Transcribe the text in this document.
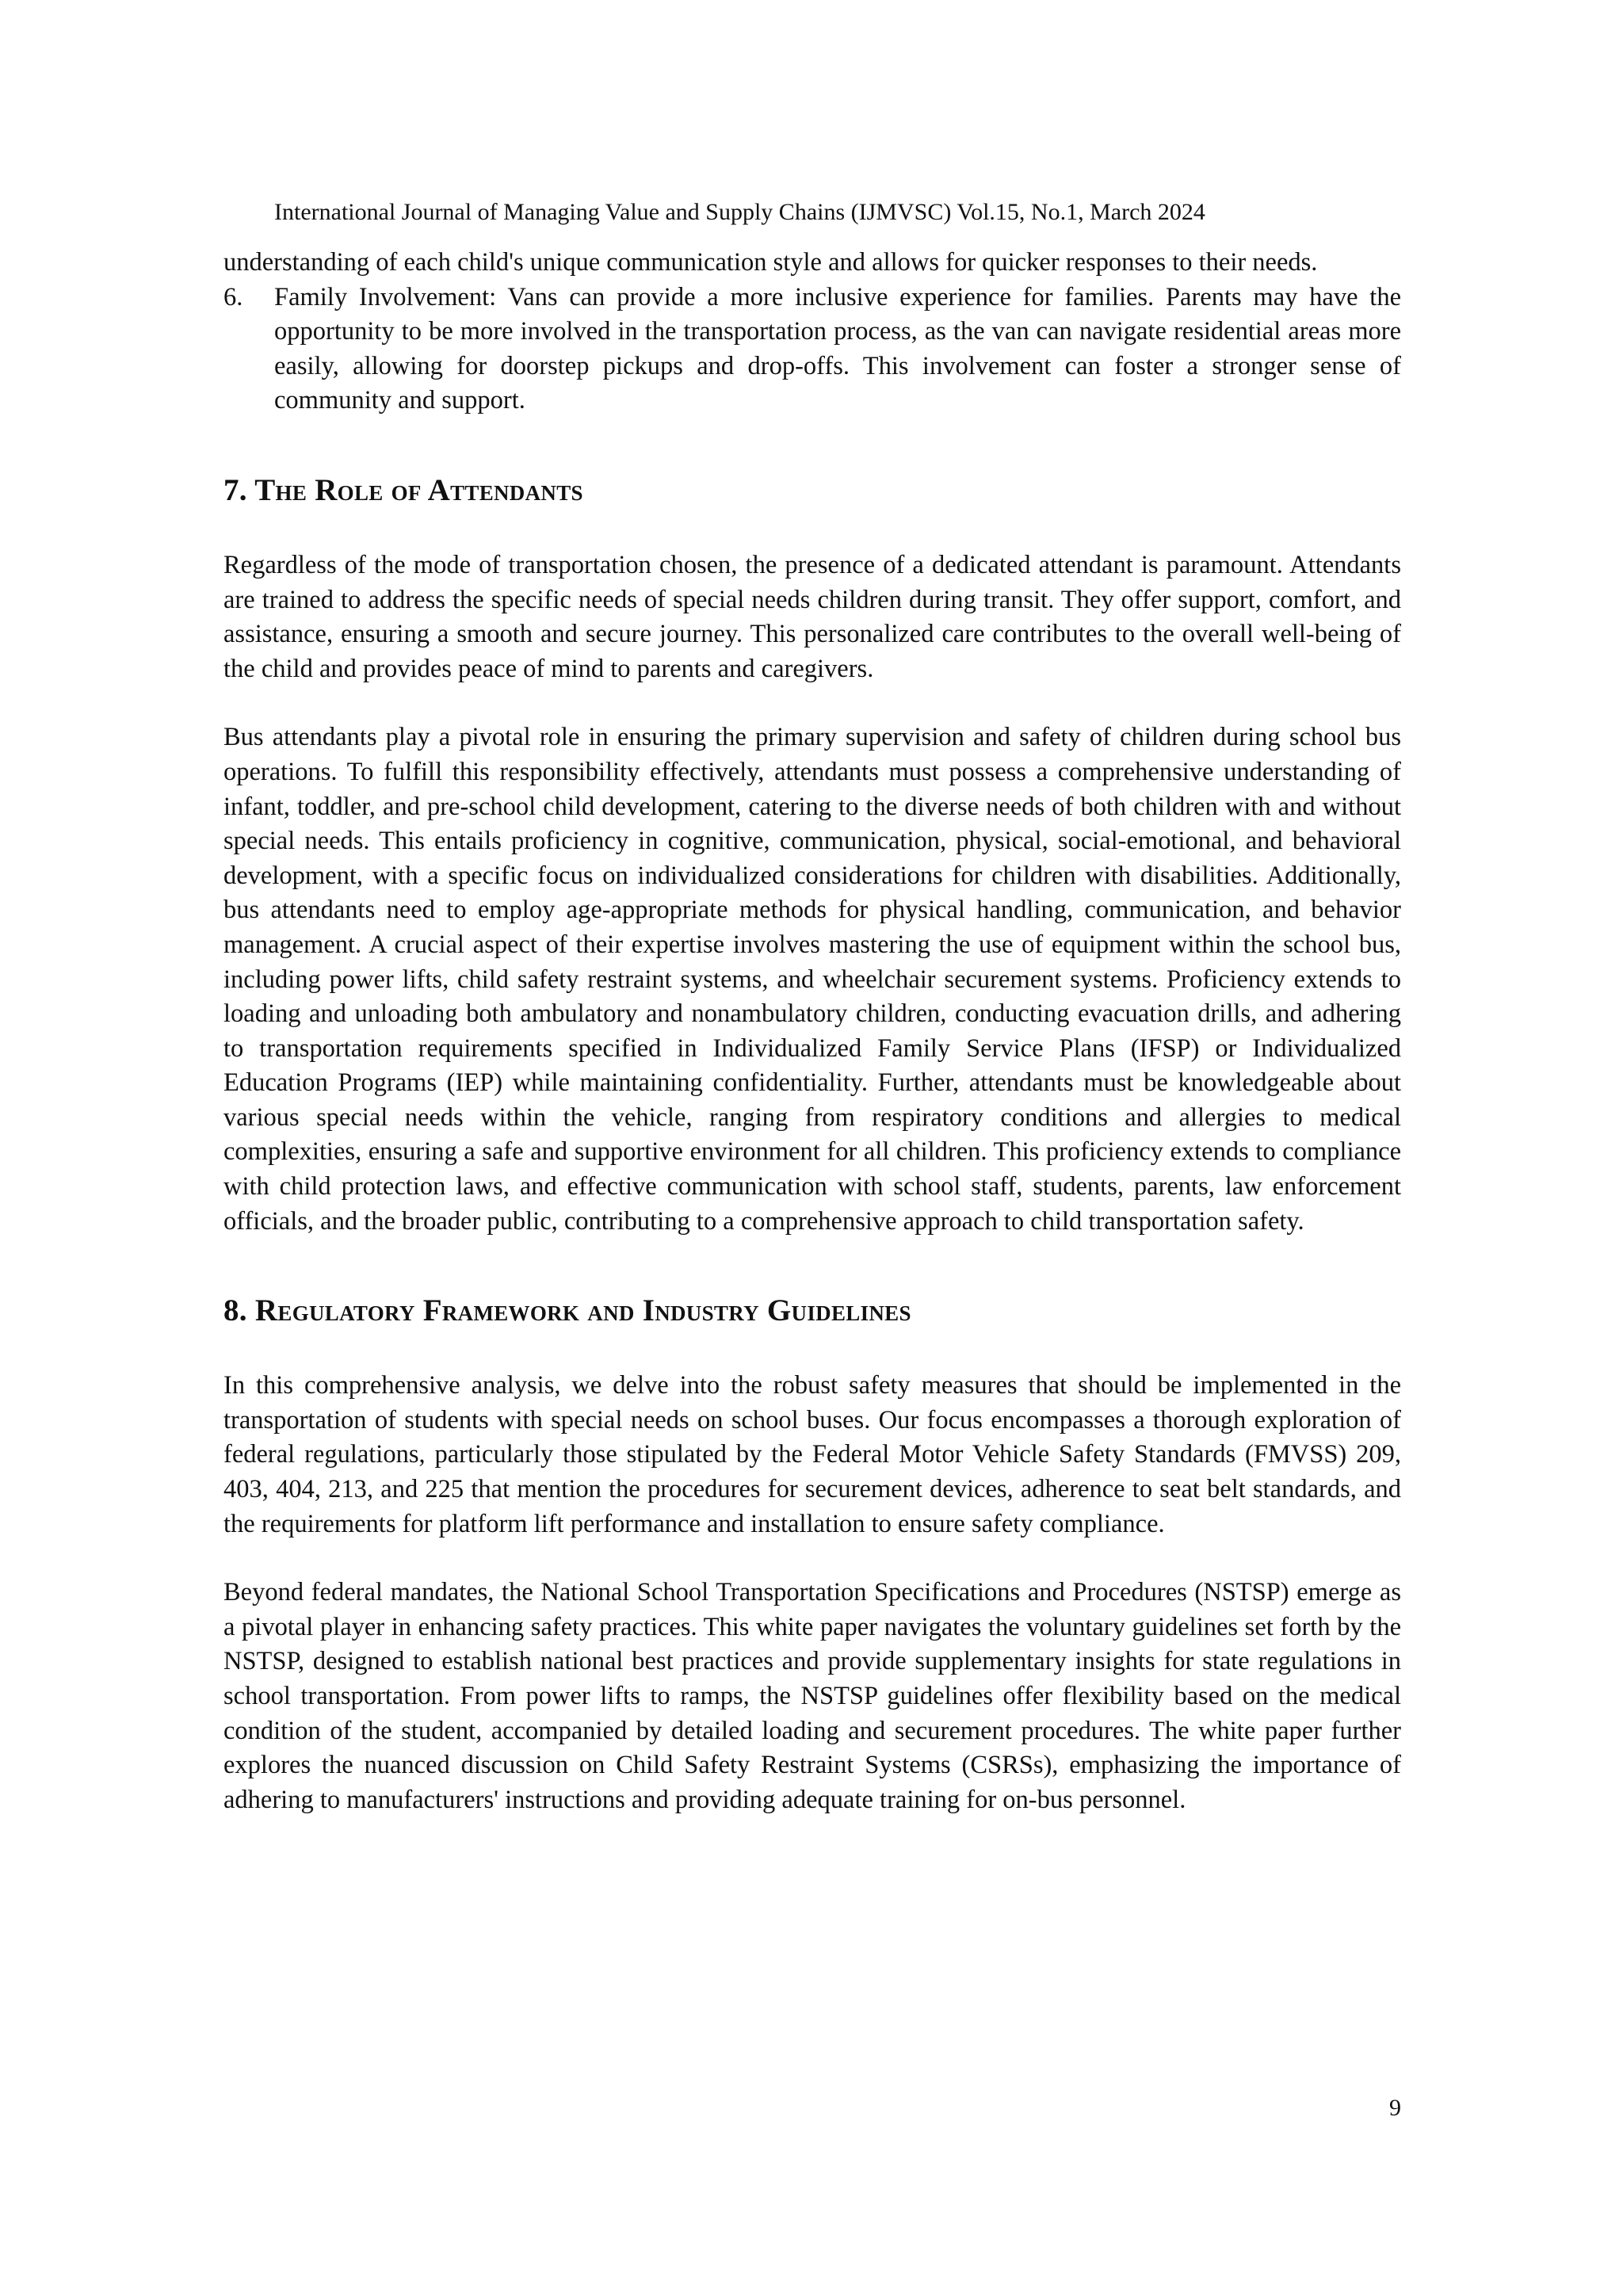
International Journal of Managing Value and Supply Chains (IJMVSC) Vol.15, No.1, March 2024

understanding of each child's unique communication style and allows for quicker responses to their needs.

6. Family Involvement: Vans can provide a more inclusive experience for families. Parents may have the opportunity to be more involved in the transportation process, as the van can navigate residential areas more easily, allowing for doorstep pickups and drop-offs. This involvement can foster a stronger sense of community and support.

7. The Role of Attendants

Regardless of the mode of transportation chosen, the presence of a dedicated attendant is paramount. Attendants are trained to address the specific needs of special needs children during transit. They offer support, comfort, and assistance, ensuring a smooth and secure journey. This personalized care contributes to the overall well-being of the child and provides peace of mind to parents and caregivers.

Bus attendants play a pivotal role in ensuring the primary supervision and safety of children during school bus operations. To fulfill this responsibility effectively, attendants must possess a comprehensive understanding of infant, toddler, and pre-school child development, catering to the diverse needs of both children with and without special needs. This entails proficiency in cognitive, communication, physical, social-emotional, and behavioral development, with a specific focus on individualized considerations for children with disabilities. Additionally, bus attendants need to employ age-appropriate methods for physical handling, communication, and behavior management. A crucial aspect of their expertise involves mastering the use of equipment within the school bus, including power lifts, child safety restraint systems, and wheelchair securement systems. Proficiency extends to loading and unloading both ambulatory and nonambulatory children, conducting evacuation drills, and adhering to transportation requirements specified in Individualized Family Service Plans (IFSP) or Individualized Education Programs (IEP) while maintaining confidentiality. Further, attendants must be knowledgeable about various special needs within the vehicle, ranging from respiratory conditions and allergies to medical complexities, ensuring a safe and supportive environment for all children. This proficiency extends to compliance with child protection laws, and effective communication with school staff, students, parents, law enforcement officials, and the broader public, contributing to a comprehensive approach to child transportation safety.

8. Regulatory Framework and Industry Guidelines

In this comprehensive analysis, we delve into the robust safety measures that should be implemented in the transportation of students with special needs on school buses. Our focus encompasses a thorough exploration of federal regulations, particularly those stipulated by the Federal Motor Vehicle Safety Standards (FMVSS) 209, 403, 404, 213, and 225 that mention the procedures for securement devices, adherence to seat belt standards, and the requirements for platform lift performance and installation to ensure safety compliance.

Beyond federal mandates, the National School Transportation Specifications and Procedures (NSTSP) emerge as a pivotal player in enhancing safety practices. This white paper navigates the voluntary guidelines set forth by the NSTSP, designed to establish national best practices and provide supplementary insights for state regulations in school transportation. From power lifts to ramps, the NSTSP guidelines offer flexibility based on the medical condition of the student, accompanied by detailed loading and securement procedures. The white paper further explores the nuanced discussion on Child Safety Restraint Systems (CSRSs), emphasizing the importance of adhering to manufacturers' instructions and providing adequate training for on-bus personnel.

9
